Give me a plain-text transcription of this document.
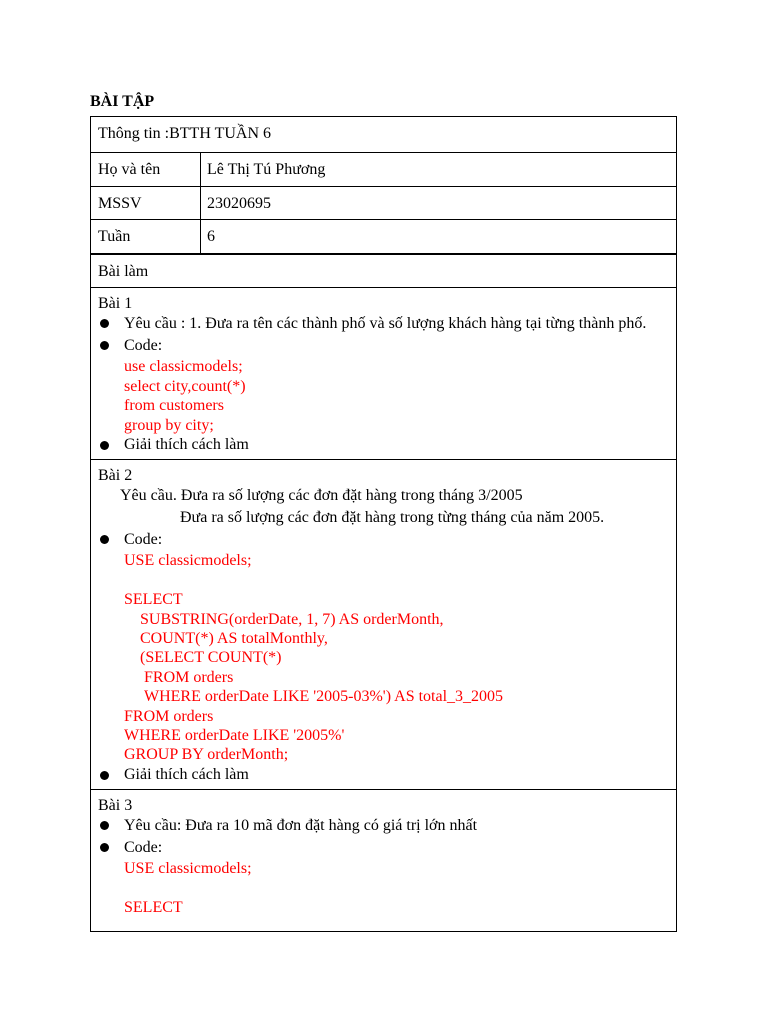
BÀI TẬP
Thông tin :BTTH TUẦN 6
Họ và tên	Lê Thị Tú Phương
MSSV	23020695
Tuần	6
Bài làm
Bài 1
Yêu cầu : 1. Đưa ra tên các thành phố và số lượng khách hàng tại từng thành phố.
Code:
use classicmodels;
select city,count(*)
from customers
group by city;
Giải thích cách làm
Bài 2
Yêu cầu. Đưa ra số lượng các đơn đặt hàng trong tháng 3/2005
Đưa ra số lượng các đơn đặt hàng trong từng tháng của năm 2005.
Code:
USE classicmodels;
SELECT
SUBSTRING(orderDate, 1, 7) AS orderMonth,
COUNT(*) AS totalMonthly,
(SELECT COUNT(*)
FROM orders
WHERE orderDate LIKE '2005-03%') AS total_3_2005
FROM orders
WHERE orderDate LIKE '2005%'
GROUP BY orderMonth;
Giải thích cách làm
Bài 3
Yêu cầu: Đưa ra 10 mã đơn đặt hàng có giá trị lớn nhất
Code:
USE classicmodels;
SELECT
